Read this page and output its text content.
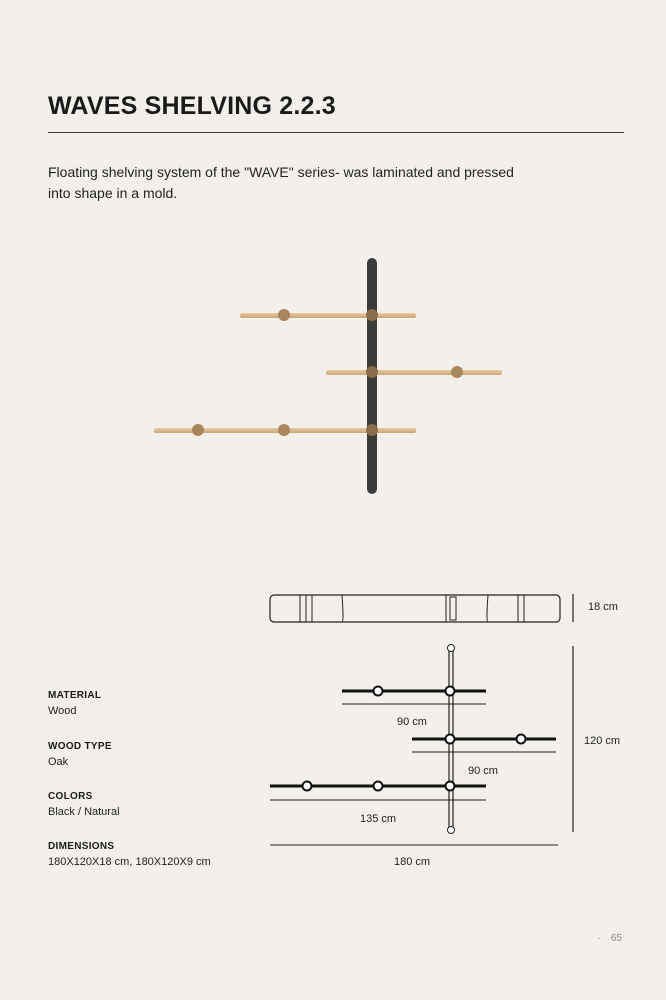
WAVES SHELVING 2.2.3

Floating shelving system of the "WAVE" series- was laminated and pressed into shape in a mold.

18 cm
90 cm
120 cm
90 cm
135 cm
180 cm

MATERIAL

Wood

WOOD TYPE

Oak

COLORS

Black / Natural

DIMENSIONS

180X120X18 cm, 180X120X9 cm

· 65
